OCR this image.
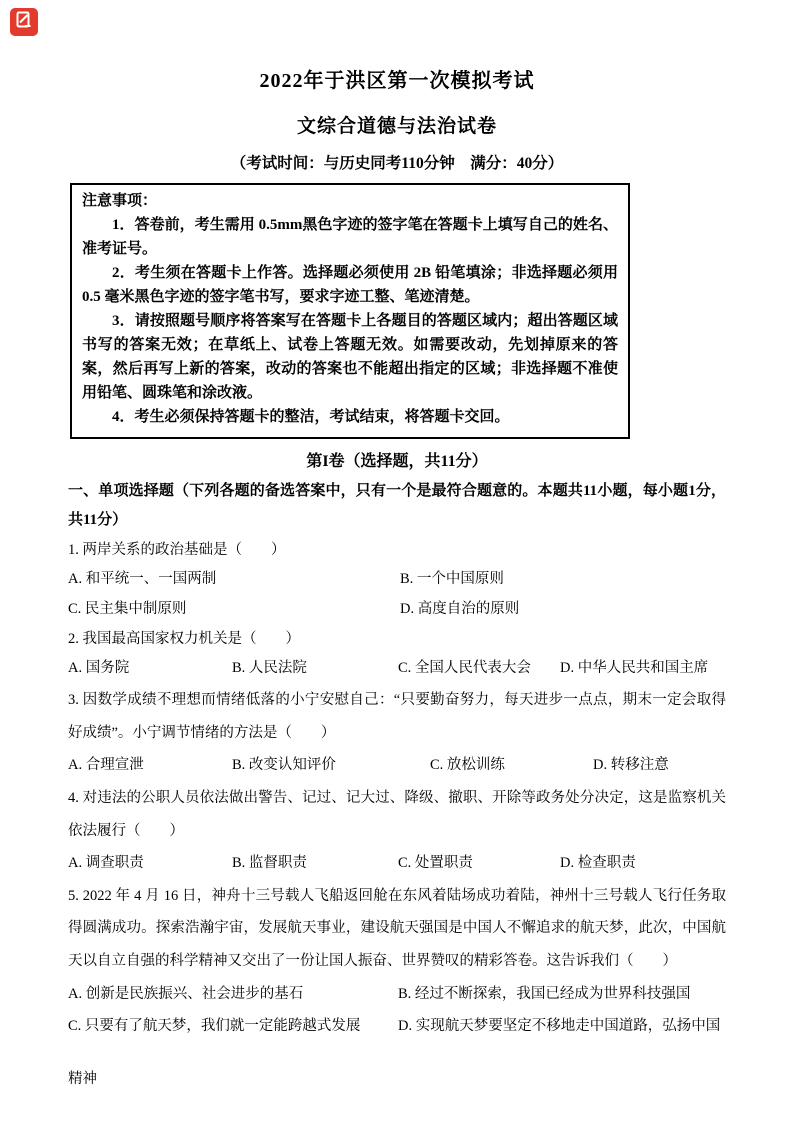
2022年于洪区第一次模拟考试
文综合道德与法治试卷
（考试时间：与历史同考110分钟　满分：40分）
注意事项：

1．答卷前，考生需用 0.5mm黑色字迹的签字笔在答题卡上填写自己的姓名、准考证号。

2．考生须在答题卡上作答。选择题必须使用 2B 铅笔填涂；非选择题必须用 0.5 毫米黑色字迹的签字笔书写，要求字迹工整、笔迹清楚。

3．请按照题号顺序将答案写在答题卡上各题目的答题区域内；超出答题区域书写的答案无效；在草纸上、试卷上答题无效。如需要改动，先划掉原来的答案，然后再写上新的答案，改动的答案也不能超出指定的区域；非选择题不准使用铅笔、圆珠笔和涂改液。

4．考生必须保持答题卡的整洁，考试结束，将答题卡交回。

第I卷（选择题，共11分）

一、单项选择题（下列各题的备选答案中，只有一个是最符合题意的。本题共11小题，每小题1分，共11分）

1. 两岸关系的政治基础是（　　）

A. 和平统一、一国两制	B. 一个中国原则
C. 民主集中制原则	D. 高度自治的原则

2. 我国最高国家权力机关是（　　）

A. 国务院	B. 人民法院	C. 全国人民代表大会	D. 中华人民共和国主席

3. 因数学成绩不理想而情绪低落的小宁安慰自己：“只要勤奋努力，每天进步一点点，期末一定会取得好成绩”。小宁调节情绪的方法是（　　）

A. 合理宣泄	B. 改变认知评价	C. 放松训练	D. 转移注意

4. 对违法的公职人员依法做出警告、记过、记大过、降级、撤职、开除等政务处分决定，这是监察机关依法履行（　　）

A. 调查职责	B. 监督职责	C. 处置职责	D. 检查职责

5. 2022 年 4 月 16 日，神舟十三号载人飞船返回舱在东风着陆场成功着陆，神州十三号载人飞行任务取得圆满成功。探索浩瀚宇宙，发展航天事业，建设航天强国是中国人不懈追求的航天梦，此次，中国航天以自立自强的科学精神又交出了一份让国人振奋、世界赞叹的精彩答卷。这告诉我们（　　）

A. 创新是民族振兴、社会进步的基石	B. 经过不断探索，我国已经成为世界科技强国
C. 只要有了航天梦，我们就一定能跨越式发展	D. 实现航天梦要坚定不移地走中国道路，弘扬中国

精神
